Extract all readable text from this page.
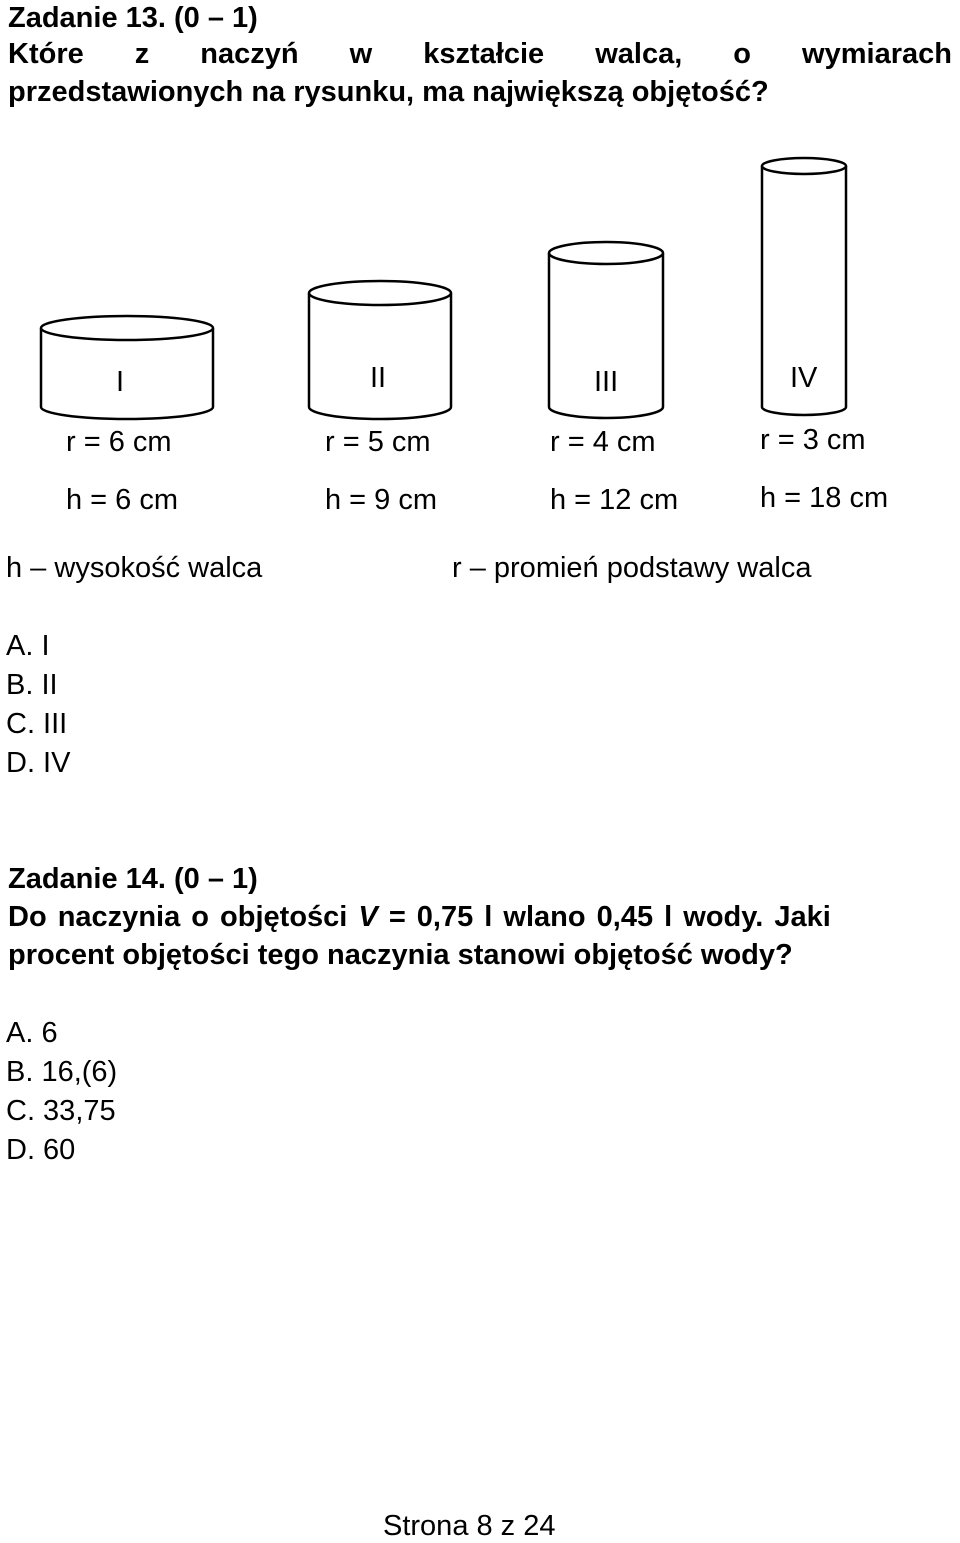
Zadanie 13. (0 – 1)
Które z naczyń w kształcie walca, o wymiarach
przedstawionych na rysunku, ma największą objętość?
I	II	III	IV
r = 6 cm	r = 5 cm	r = 4 cm	r = 3 cm
h = 6 cm	h = 9 cm	h = 12 cm	h = 18 cm
h – wysokość walca	r – promień podstawy walca
A. I
B. II
C. III
D. IV
Zadanie 14. (0 – 1)
Do naczynia o objętości V = 0,75 l wlano 0,45 l wody. Jaki
procent objętości tego naczynia stanowi objętość wody?
A. 6
B. 16,(6)
C. 33,75
D. 60
Strona 8 z 24
